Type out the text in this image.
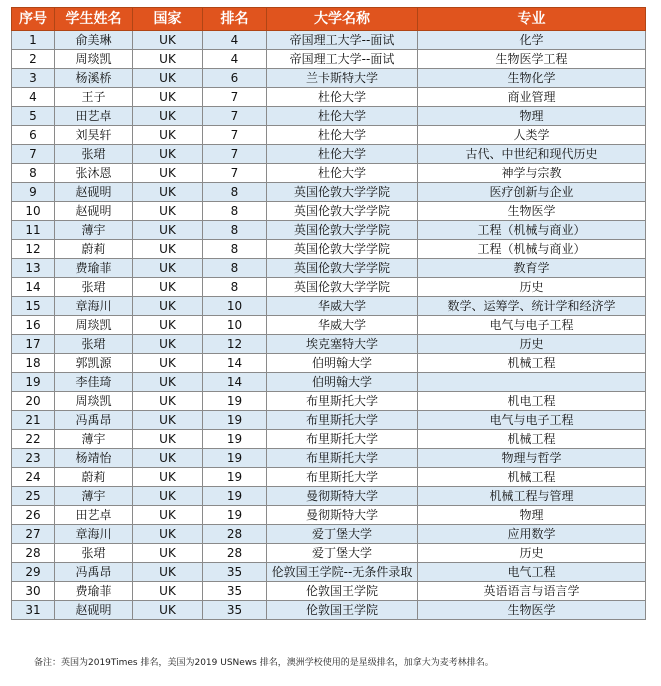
序号	学生姓名	国家	排名	大学名称	专业
1	俞美琳	UK	4	帝国理工大学--面试	化学
2	周琰凯	UK	4	帝国理工大学--面试	生物医学工程
3	杨溪桥	UK	6	兰卡斯特大学	生物化学
4	王子	UK	7	杜伦大学	商业管理
5	田艺卓	UK	7	杜伦大学	物理
6	刘昊轩	UK	7	杜伦大学	人类学
7	张珺	UK	7	杜伦大学	古代、中世纪和现代历史
8	张沐恩	UK	7	杜伦大学	神学与宗教
9	赵砚明	UK	8	英国伦敦大学学院	医疗创新与企业
10	赵砚明	UK	8	英国伦敦大学学院	生物医学
11	薄宇	UK	8	英国伦敦大学学院	工程（机械与商业）
12	蔚莉	UK	8	英国伦敦大学学院	工程（机械与商业）
13	费瑜菲	UK	8	英国伦敦大学学院	教育学
14	张珺	UK	8	英国伦敦大学学院	历史
15	章海川	UK	10	华威大学	数学、运筹学、统计学和经济学
16	周琰凯	UK	10	华威大学	电气与电子工程
17	张珺	UK	12	埃克塞特大学	历史
18	郭凯源	UK	14	伯明翰大学	机械工程
19	李佳琦	UK	14	伯明翰大学	
20	周琰凯	UK	19	布里斯托大学	机电工程
21	冯禹昂	UK	19	布里斯托大学	电气与电子工程
22	薄宇	UK	19	布里斯托大学	机械工程
23	杨靖怡	UK	19	布里斯托大学	物理与哲学
24	蔚莉	UK	19	布里斯托大学	机械工程
25	薄宇	UK	19	曼彻斯特大学	机械工程与管理
26	田艺卓	UK	19	曼彻斯特大学	物理
27	章海川	UK	28	爱丁堡大学	应用数学
28	张珺	UK	28	爱丁堡大学	历史
29	冯禹昂	UK	35	伦敦国王学院--无条件录取	电气工程
30	费瑜菲	UK	35	伦敦国王学院	英语语言与语言学
31	赵砚明	UK	35	伦敦国王学院	生物医学
备注：英国为2019Times 排名，美国为2019 USNews 排名，澳洲学校使用的是星级排名，加拿大为麦考林排名。
